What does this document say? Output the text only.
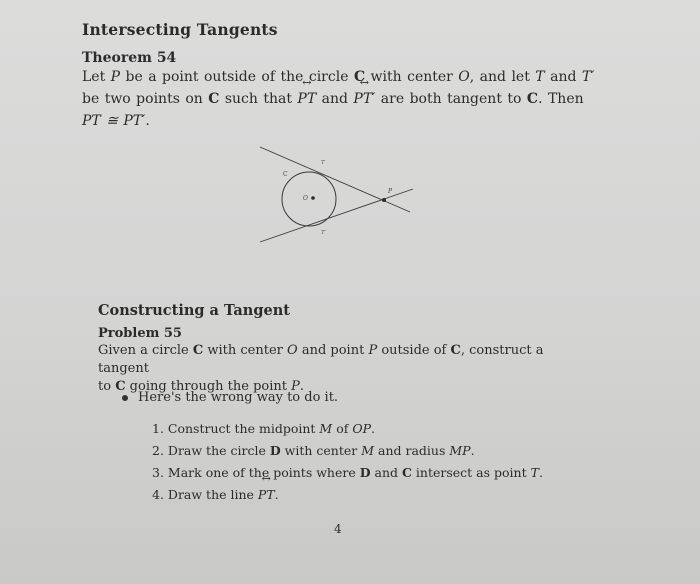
Intersecting Tangents
Theorem 54
Let P be a point outside of the circle C with center O, and let T and T′
be two points on C such that ↔ PT and ↔ PT′ are both tangent to C. Then
PT ≅ PT′.
C
O
P
T
T′
Constructing a Tangent
Problem 55
Given a circle C with center O and point P outside of C, construct a tangent
to C going through the point P.
Here's the wrong way to do it.
1. Construct the midpoint M of OP.
2. Draw the circle D with center M and radius MP.
3. Mark one of the points where D and C intersect as point T.
4. Draw the line ↔ PT.
4
